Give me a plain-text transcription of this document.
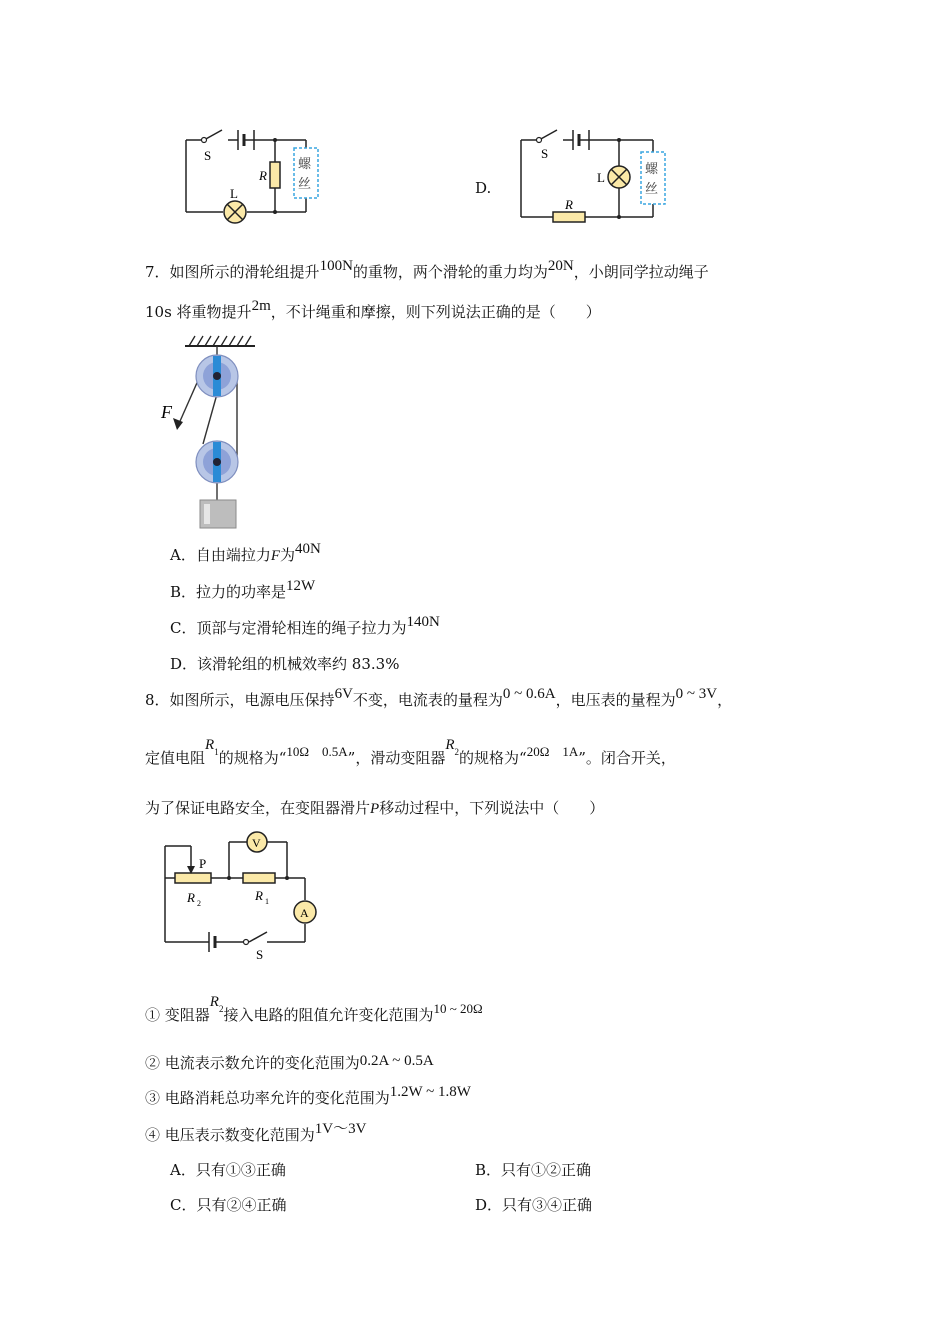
S
R
L
螺
丝	D.
S
L
R
螺
丝
7．如图所示的滑轮组提升100N的重物，两个滑轮的重力均为20N，小朗同学拉动绳子
10s 将重物提升2m，不计绳重和摩擦，则下列说法正确的是（　　）
F
A．自由端拉力F为40N
B．拉力的功率是12W
C．顶部与定滑轮相连的绳子拉力为140N
D．该滑轮组的机械效率约 83.3%
8．如图所示，电源电压保持6V不变，电流表的量程为0 ~ 0.6A，电压表的量程为0 ~ 3V，
定值电阻$R^1$的规格为“10Ω　0.5A”，滑动变阻器$R^2$的规格为“20Ω　1A”。闭合开关，
为了保证电路安全，在变阻器滑片P移动过程中，下列说法中（　　）
V
A
P
R 2
R 1
S
① 变阻器$R^2$接入电路的阻值允许变化范围为10 ~ 20Ω
② 电流表示数允许的变化范围为0.2A ~ 0.5A
③ 电路消耗总功率允许的变化范围为1.2W ~ 1.8W
④ 电压表示数变化范围为1V～3V
A．只有①③正确	B．只有①②正确
C．只有②④正确	D．只有③④正确
